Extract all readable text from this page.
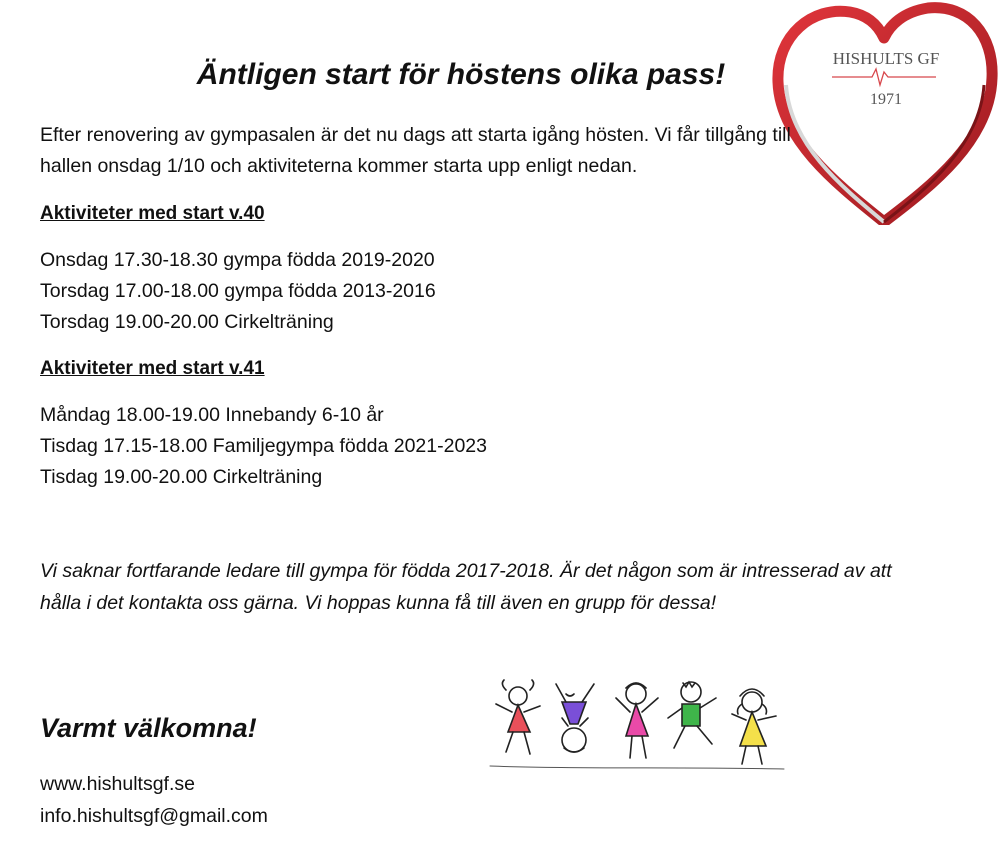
Äntligen start för höstens olika pass!	HISHULTS GF
1971

Efter renovering av gympasalen är det nu dags att starta igång hösten. Vi får tillgång till hallen onsdag 1/10 och aktiviteterna kommer starta upp enligt nedan.

Aktiviteter med start v.40

Onsdag 17.30-18.30 gympa födda 2019-2020
Torsdag 17.00-18.00 gympa födda 2013-2016
Torsdag 19.00-20.00 Cirkelträning

Aktiviteter med start v.41

Måndag 18.00-19.00 Innebandy 6-10 år
Tisdag 17.15-18.00 Familjegympa födda 2021-2023
Tisdag 19.00-20.00 Cirkelträning

Vi saknar fortfarande ledare till gympa för födda 2017-2018. Är det någon som är intresserad av att hålla i det kontakta oss gärna. Vi hoppas kunna få till även en grupp för dessa!

Varmt välkomna!

www.hishultsgf.se

info.hishultsgf@gmail.com
